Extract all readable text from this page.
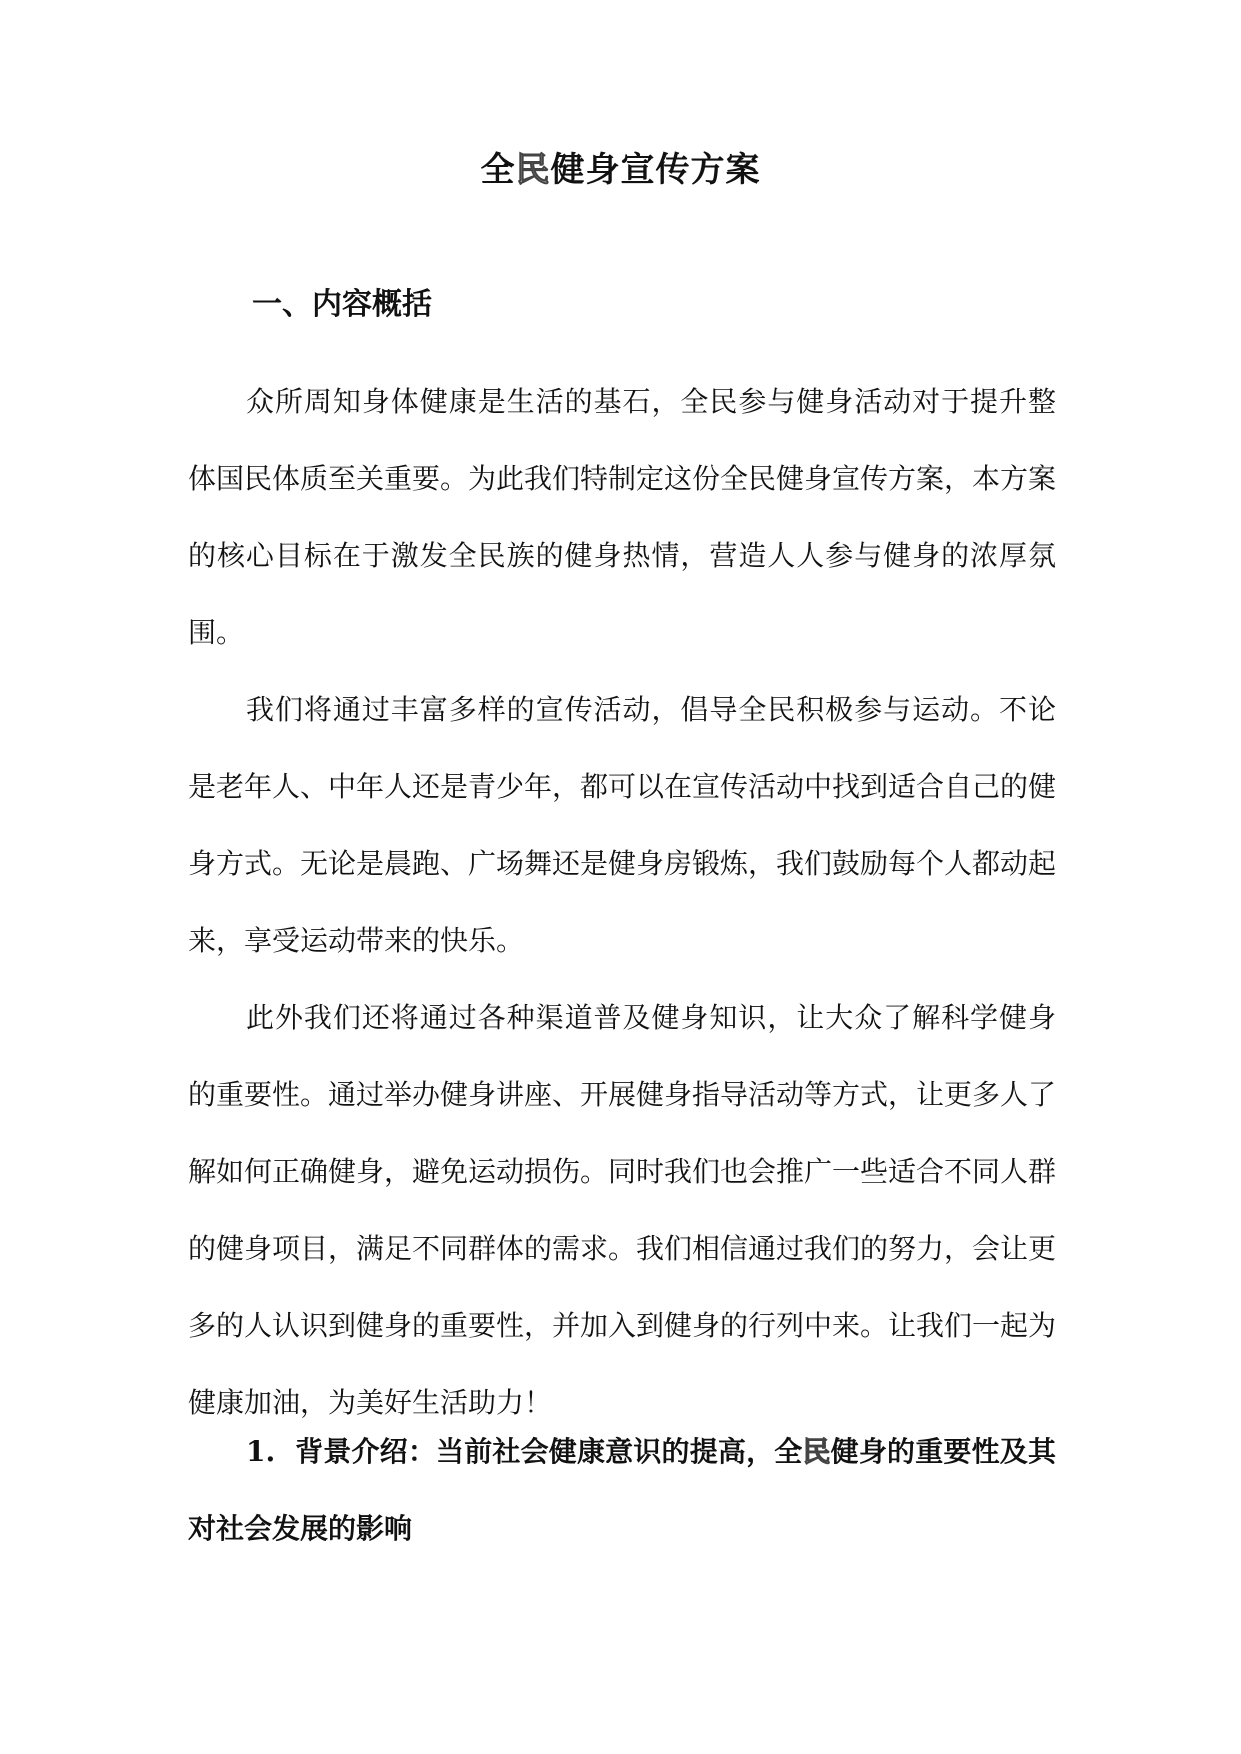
全民健身宣传方案
一、内容概括

众所周知身体健康是生活的基石，全民参与健身活动对于提升整体国民体质至关重要。为此我们特制定这份全民健身宣传方案，本方案的核心目标在于激发全民族的健身热情，营造人人参与健身的浓厚氛围。

我们将通过丰富多样的宣传活动，倡导全民积极参与运动。不论是老年人、中年人还是青少年，都可以在宣传活动中找到适合自己的健身方式。无论是晨跑、广场舞还是健身房锻炼，我们鼓励每个人都动起来，享受运动带来的快乐。

此外我们还将通过各种渠道普及健身知识，让大众了解科学健身的重要性。通过举办健身讲座、开展健身指导活动等方式，让更多人了解如何正确健身，避免运动损伤。同时我们也会推广一些适合不同人群的健身项目，满足不同群体的需求。我们相信通过我们的努力，会让更多的人认识到健身的重要性，并加入到健身的行列中来。让我们一起为健康加油，为美好生活助力！

1. 背景介绍：当前社会健康意识的提高，全民健身的重要性及其对社会发展的影响
